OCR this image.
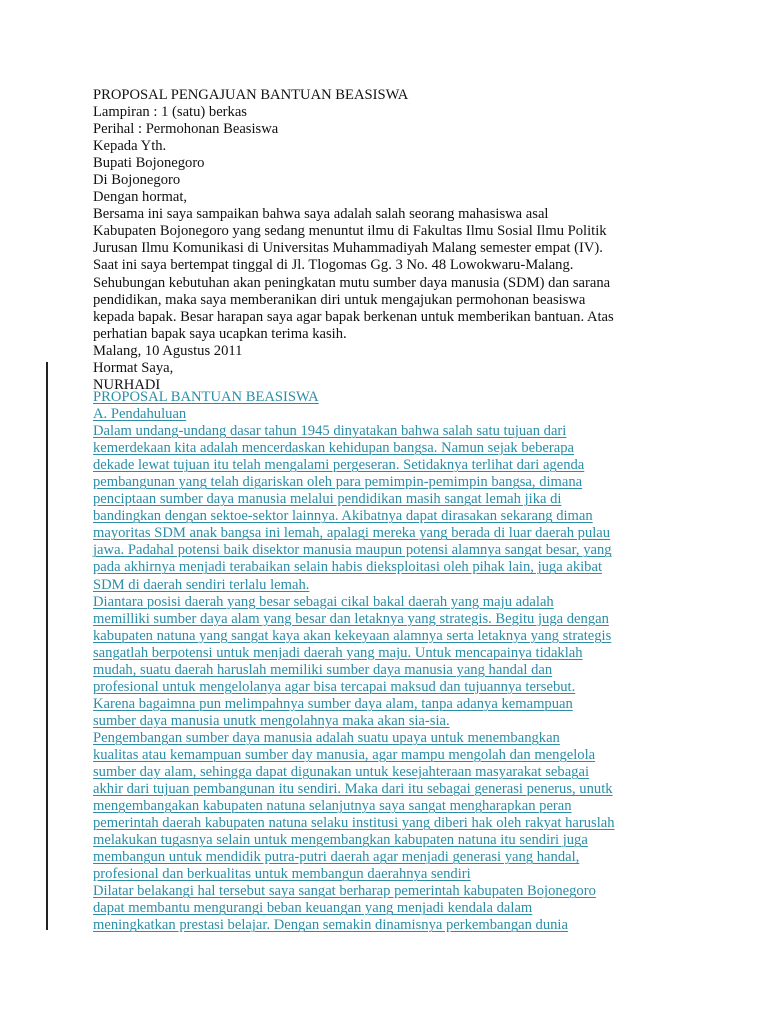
PROPOSAL PENGAJUAN BANTUAN BEASISWA
Lampiran : 1 (satu) berkas
Perihal : Permohonan Beasiswa
Kepada Yth.
Bupati Bojonegoro
Di Bojonegoro
Dengan hormat,
Bersama ini saya sampaikan bahwa saya adalah salah seorang mahasiswa asal
Kabupaten Bojonegoro yang sedang menuntut ilmu di Fakultas Ilmu Sosial Ilmu Politik
Jurusan Ilmu Komunikasi di Universitas Muhammadiyah Malang semester empat (IV).
Saat ini saya bertempat tinggal di Jl. Tlogomas Gg. 3 No. 48 Lowokwaru-Malang.
Sehubungan kebutuhan akan peningkatan mutu sumber daya manusia (SDM) dan sarana
pendidikan, maka saya memberanikan diri untuk mengajukan permohonan beasiswa
kepada bapak. Besar harapan saya agar bapak berkenan untuk memberikan bantuan. Atas
perhatian bapak saya ucapkan terima kasih.
Malang, 10 Agustus 2011
Hormat Saya,
NURHADI
PROPOSAL BANTUAN BEASISWA
A. Pendahuluan
Dalam undang-undang dasar tahun 1945 dinyatakan bahwa salah satu tujuan dari
kemerdekaan kita adalah mencerdaskan kehidupan bangsa. Namun sejak beberapa
dekade lewat tujuan itu telah mengalami pergeseran. Setidaknya terlihat dari agenda
pembangunan yang telah digariskan oleh para pemimpin-pemimpin bangsa, dimana
penciptaan sumber daya manusia melalui pendidikan masih sangat lemah jika di
bandingkan dengan sektoe-sektor lainnya. Akibatnya dapat dirasakan sekarang diman
mayoritas SDM anak bangsa ini lemah, apalagi mereka yang berada di luar daerah pulau
jawa. Padahal potensi baik disektor manusia maupun potensi alamnya sangat besar, yang
pada akhirnya menjadi terabaikan selain habis dieksploitasi oleh pihak lain, juga akibat
SDM di daerah sendiri terlalu lemah.
Diantara posisi daerah yang besar sebagai cikal bakal daerah yang maju adalah
memilliki sumber daya alam yang besar dan letaknya yang strategis. Begitu juga dengan
kabupaten natuna yang sangat kaya akan kekeyaan alamnya serta letaknya yang strategis
sangatlah berpotensi untuk menjadi daerah yang maju. Untuk mencapainya tidaklah
mudah, suatu daerah haruslah memiliki sumber daya manusia yang handal dan
profesional untuk mengelolanya agar bisa tercapai maksud dan tujuannya tersebut.
Karena bagaimna pun melimpahnya sumber daya alam, tanpa adanya kemampuan
sumber daya manusia unutk mengolahnya maka akan sia-sia.
Pengembangan sumber daya manusia adalah suatu upaya untuk menembangkan
kualitas atau kemampuan sumber day manusia, agar mampu mengolah dan mengelola
sumber day alam, sehingga dapat digunakan untuk kesejahteraan masyarakat sebagai
akhir dari tujuan pembangunan itu sendiri. Maka dari itu sebagai generasi penerus, unutk
mengembangakan kabupaten natuna selanjutnya saya sangat mengharapkan peran
pemerintah daerah kabupaten natuna selaku institusi yang diberi hak oleh rakyat haruslah
melakukan tugasnya selain untuk mengembangkan kabupaten natuna itu sendiri juga
membangun untuk mendidik putra-putri daerah agar menjadi generasi yang handal,
profesional dan berkualitas untuk membangun daerahnya sendiri
Dilatar belakangi hal tersebut saya sangat berharap pemerintah kabupaten Bojonegoro
dapat membantu mengurangi beban keuangan yang menjadi kendala dalam
meningkatkan prestasi belajar. Dengan semakin dinamisnya perkembangan dunia
